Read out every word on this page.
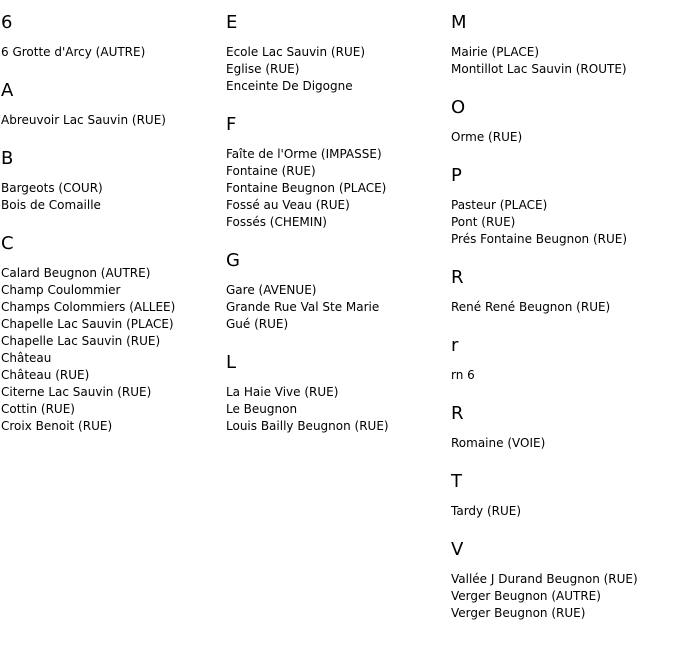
6
6 Grotte d'Arcy (AUTRE)
A
Abreuvoir Lac Sauvin (RUE)
B
Bargeots (COUR)
Bois de Comaille
C
Calard Beugnon (AUTRE)
Champ Coulommier
Champs Colommiers (ALLEE)
Chapelle Lac Sauvin (PLACE)
Chapelle Lac Sauvin (RUE)
Château
Château (RUE)
Citerne Lac Sauvin (RUE)
Cottin (RUE)
Croix Benoit (RUE)
E
Ecole Lac Sauvin (RUE)
Eglise (RUE)
Enceinte De Digogne
F
Faîte de l'Orme (IMPASSE)
Fontaine (RUE)
Fontaine Beugnon (PLACE)
Fossé au Veau (RUE)
Fossés (CHEMIN)
G
Gare (AVENUE)
Grande Rue Val Ste Marie
Gué (RUE)
L
La Haie Vive (RUE)
Le Beugnon
Louis Bailly Beugnon (RUE)
M
Mairie (PLACE)
Montillot Lac Sauvin (ROUTE)
O
Orme (RUE)
P
Pasteur (PLACE)
Pont (RUE)
Prés Fontaine Beugnon (RUE)
R
René René Beugnon (RUE)
r
rn 6
R
Romaine (VOIE)
T
Tardy (RUE)
V
Vallée J Durand Beugnon (RUE)
Verger Beugnon (AUTRE)
Verger Beugnon (RUE)
